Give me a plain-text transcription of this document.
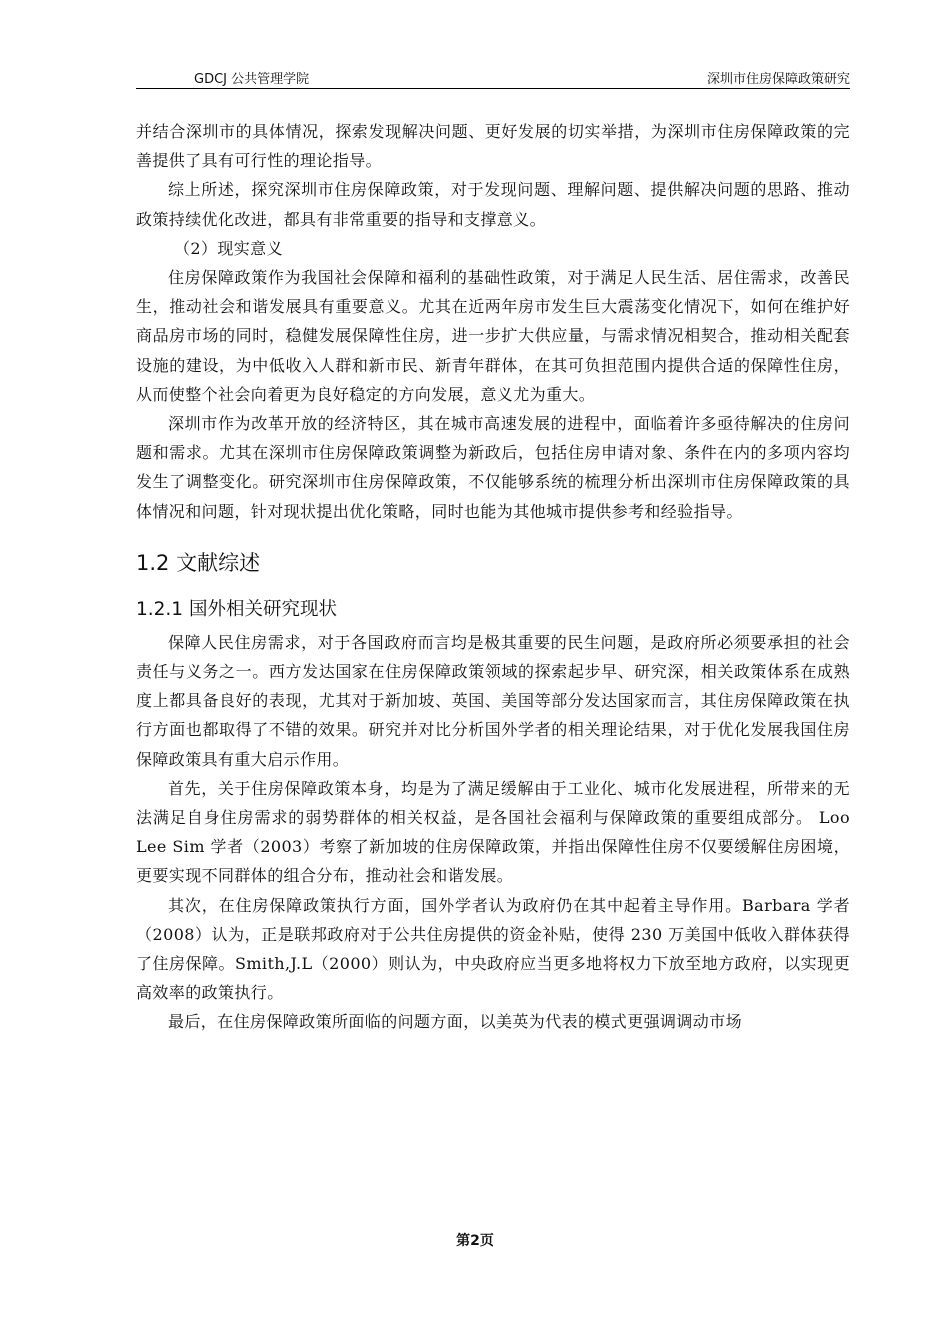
GDCJ 公共管理学院	深圳市住房保障政策研究

并结合深圳市的具体情况，探索发现解决问题、更好发展的切实举措，为深圳市住房保障政策的完善提供了具有可行性的理论指导。

综上所述，探究深圳市住房保障政策，对于发现问题、理解问题、提供解决问题的思路、推动政策持续优化改进，都具有非常重要的指导和支撑意义。

（2）现实意义

住房保障政策作为我国社会保障和福利的基础性政策，对于满足人民生活、居住需求，改善民生，推动社会和谐发展具有重要意义。尤其在近两年房市发生巨大震荡变化情况下，如何在维护好商品房市场的同时，稳健发展保障性住房，进一步扩大供应量，与需求情况相契合，推动相关配套设施的建设，为中低收入人群和新市民、新青年群体，在其可负担范围内提供合适的保障性住房，从而使整个社会向着更为良好稳定的方向发展，意义尤为重大。

深圳市作为改革开放的经济特区，其在城市高速发展的进程中，面临着许多亟待解决的住房问题和需求。尤其在深圳市住房保障政策调整为新政后，包括住房申请对象、条件在内的多项内容均发生了调整变化。研究深圳市住房保障政策，不仅能够系统的梳理分析出深圳市住房保障政策的具体情况和问题，针对现状提出优化策略，同时也能为其他城市提供参考和经验指导。

1.2 文献综述
1.2.1 国外相关研究现状

保障人民住房需求，对于各国政府而言均是极其重要的民生问题，是政府所必须要承担的社会责任与义务之一。西方发达国家在住房保障政策领域的探索起步早、研究深，相关政策体系在成熟度上都具备良好的表现，尤其对于新加坡、英国、美国等部分发达国家而言，其住房保障政策在执行方面也都取得了不错的效果。研究并对比分析国外学者的相关理论结果，对于优化发展我国住房保障政策具有重大启示作用。

首先，关于住房保障政策本身，均是为了满足缓解由于工业化、城市化发展进程，所带来的无法满足自身住房需求的弱势群体的相关权益，是各国社会福利与保障政策的重要组成部分。 Loo Lee Sim 学者（2003）考察了新加坡的住房保障政策，并指出保障性住房不仅要缓解住房困境，更要实现不同群体的组合分布，推动社会和谐发展。

其次，在住房保障政策执行方面，国外学者认为政府仍在其中起着主导作用。Barbara 学者（2008）认为，正是联邦政府对于公共住房提供的资金补贴，使得 230 万美国中低收入群体获得了住房保障。Smith,J.L（2000）则认为，中央政府应当更多地将权力下放至地方政府，以实现更高效率的政策执行。

最后，在住房保障政策所面临的问题方面，以美英为代表的模式更强调调动市场

第2页
